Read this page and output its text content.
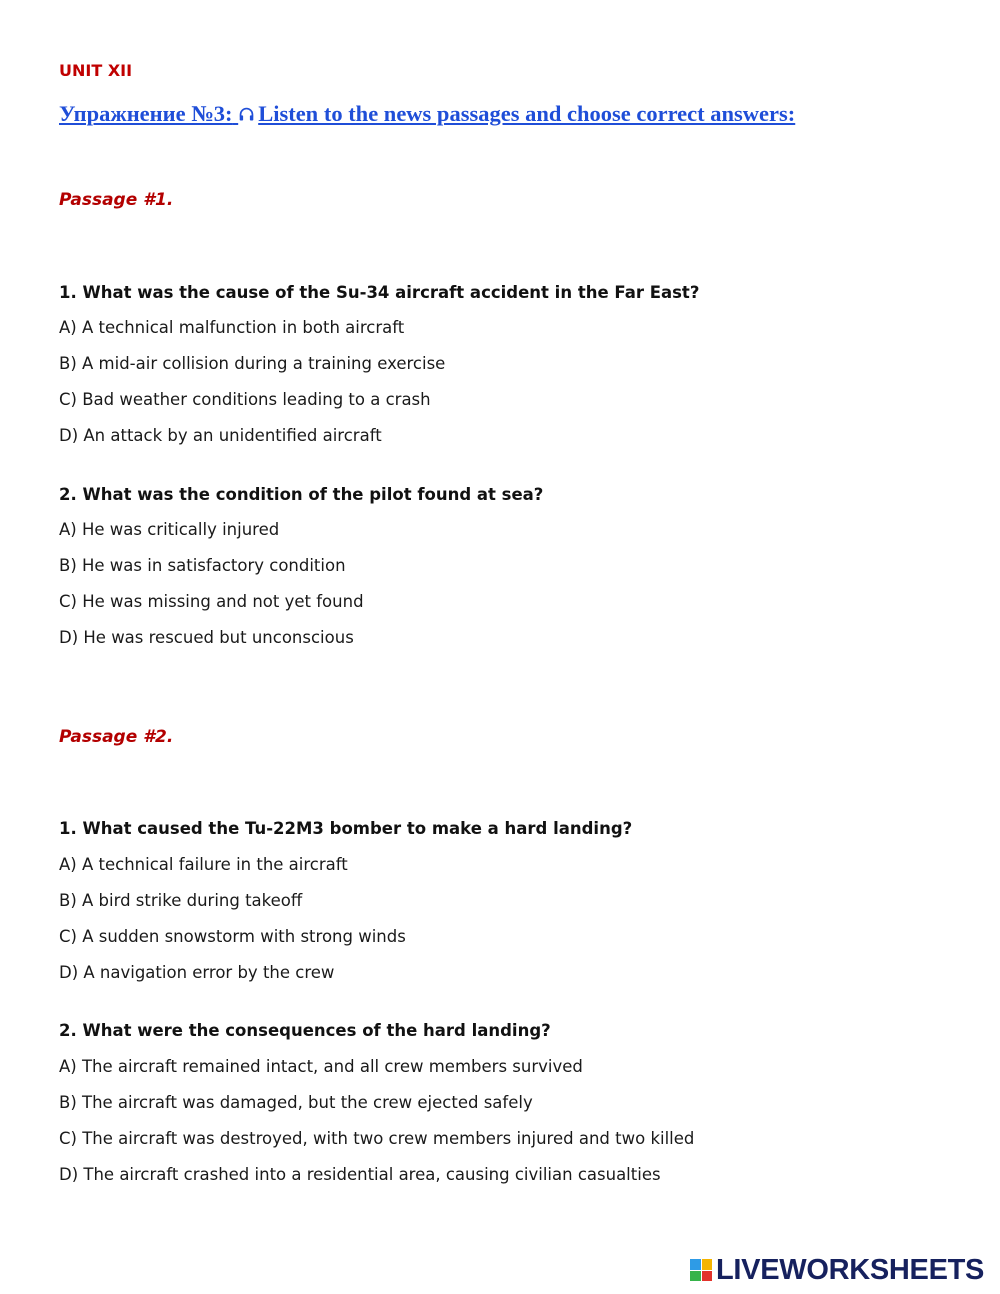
UNIT XII
Упражнение №3: Listen to the news passages and choose correct answers:
Passage #1.
1. What was the cause of the Su-34 aircraft accident in the Far East?
A) A technical malfunction in both aircraft
B) A mid-air collision during a training exercise
C) Bad weather conditions leading to a crash
D) An attack by an unidentified aircraft
2. What was the condition of the pilot found at sea?
A) He was critically injured
B) He was in satisfactory condition
C) He was missing and not yet found
D) He was rescued but unconscious
Passage #2.
1. What caused the Tu-22M3 bomber to make a hard landing?
A) A technical failure in the aircraft
B) A bird strike during takeoff
C) A sudden snowstorm with strong winds
D) A navigation error by the crew
2. What were the consequences of the hard landing?
A) The aircraft remained intact, and all crew members survived
B) The aircraft was damaged, but the crew ejected safely
C) The aircraft was destroyed, with two crew members injured and two killed
D) The aircraft crashed into a residential area, causing civilian casualties
LIVEWORKSHEETS
